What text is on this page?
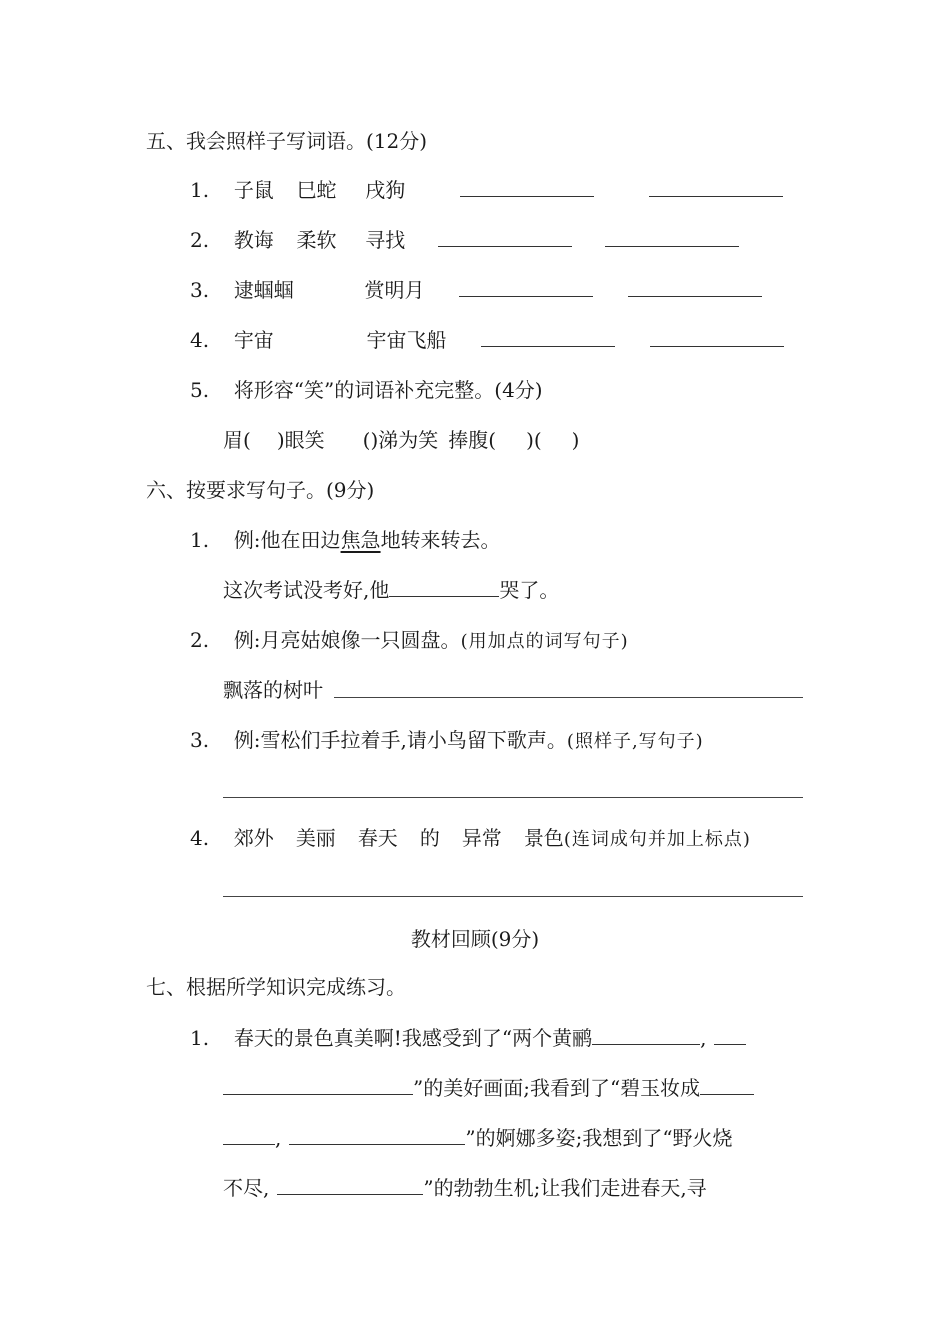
五、我会照样子写词语。(12分)
1. 子鼠 巳蛇 戌狗
2. 教诲 柔软 寻找
3. 逮蝈蝈	赏明月
4. 宇宙	宇宙飞船
5. 将形容“笑”的词语补充完整。(4分)
眉( )眼笑 ()涕为笑 捧腹( )( )
六、按要求写句子。(9分)
1. 例:他在田边焦急地转来转去。
这次考试没考好,他	哭了。
2. 例:月亮姑娘像一只圆盘。(用加点的词写句子)
飘落的树叶
3. 例:雪松们手拉着手,请小鸟留下歌声。(照样子,写句子)
4. 郊外 美丽 春天 的 异常 景色(连词成句并加上标点)
教材回顾(9分)
七、根据所学知识完成练习。
1. 春天的景色真美啊!我感受到了“两个黄鹂	,
”的美好画面;我看到了“碧玉妆成
,	”的婀娜多姿;我想到了“野火烧
不尽,	”的勃勃生机;让我们走进春天,寻
